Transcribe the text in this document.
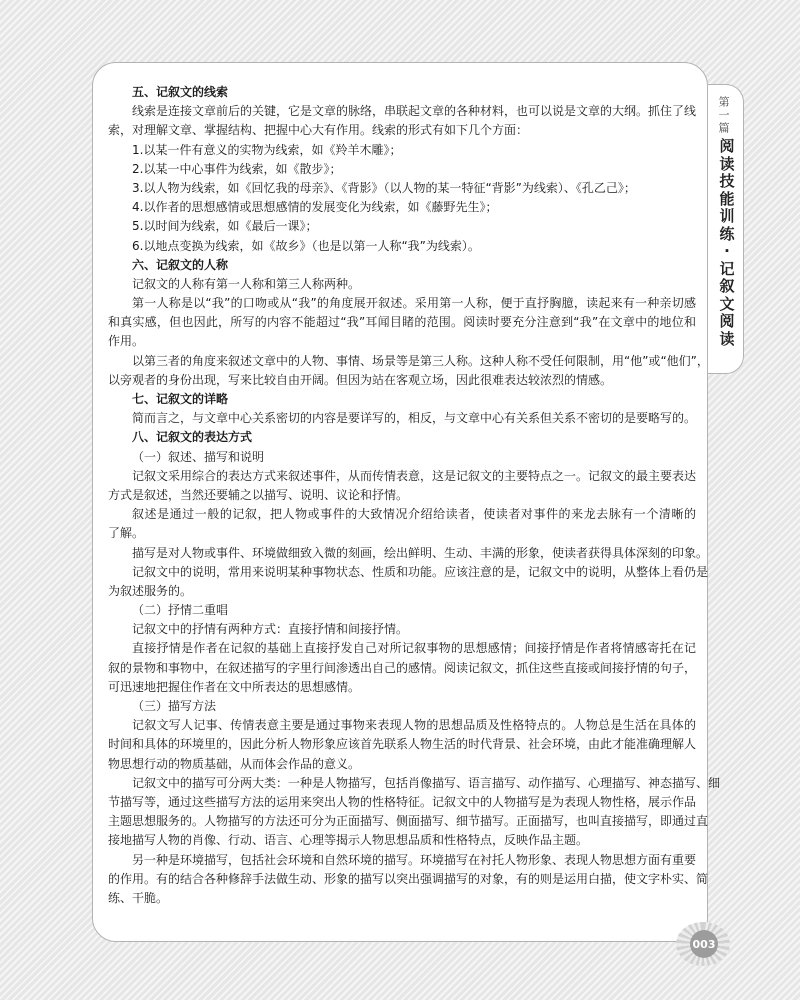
第一篇
阅读技能训练·记叙文阅读
五、记叙文的线索
线索是连接文章前后的关键，它是文章的脉络，串联起文章的各种材料，也可以说是文章的大纲。抓住了线
索，对理解文章、掌握结构、把握中心大有作用。线索的形式有如下几个方面：
1.以某一件有意义的实物为线索，如《羚羊木雕》；
2.以某一中心事件为线索，如《散步》；
3.以人物为线索，如《回忆我的母亲》、《背影》（以人物的某一特征“背影”为线索）、《孔乙己》；
4.以作者的思想感情或思想感情的发展变化为线索，如《藤野先生》；
5.以时间为线索，如《最后一课》；
6.以地点变换为线索，如《故乡》（也是以第一人称“我”为线索）。
六、记叙文的人称
记叙文的人称有第一人称和第三人称两种。
第一人称是以“我”的口吻或从“我”的角度展开叙述。采用第一人称，便于直抒胸臆，读起来有一种亲切感
和真实感，但也因此，所写的内容不能超过“我”耳闻目睹的范围。阅读时要充分注意到“我”在文章中的地位和
作用。
以第三者的角度来叙述文章中的人物、事情、场景等是第三人称。这种人称不受任何限制，用“他”或“他们”，
以旁观者的身份出现，写来比较自由开阔。但因为站在客观立场，因此很难表达较浓烈的情感。
七、记叙文的详略
简而言之，与文章中心关系密切的内容是要详写的，相反，与文章中心有关系但关系不密切的是要略写的。
八、记叙文的表达方式
（一）叙述、描写和说明
记叙文采用综合的表达方式来叙述事件，从而传情表意，这是记叙文的主要特点之一。记叙文的最主要表达
方式是叙述，当然还要辅之以描写、说明、议论和抒情。
叙述是通过一般的记叙，把人物或事件的大致情况介绍给读者，使读者对事件的来龙去脉有一个清晰的
了解。
描写是对人物或事件、环境做细致入微的刻画，绘出鲜明、生动、丰满的形象，使读者获得具体深刻的印象。
记叙文中的说明，常用来说明某种事物状态、性质和功能。应该注意的是，记叙文中的说明，从整体上看仍是
为叙述服务的。
（二）抒情二重唱
记叙文中的抒情有两种方式：直接抒情和间接抒情。
直接抒情是作者在记叙的基础上直接抒发自己对所记叙事物的思想感情；间接抒情是作者将情感寄托在记
叙的景物和事物中，在叙述描写的字里行间渗透出自己的感情。阅读记叙文，抓住这些直接或间接抒情的句子，
可迅速地把握住作者在文中所表达的思想感情。
（三）描写方法
记叙文写人记事、传情表意主要是通过事物来表现人物的思想品质及性格特点的。人物总是生活在具体的
时间和具体的环境里的，因此分析人物形象应该首先联系人物生活的时代背景、社会环境，由此才能准确理解人
物思想行动的物质基础，从而体会作品的意义。
记叙文中的描写可分两大类：一种是人物描写，包括肖像描写、语言描写、动作描写、心理描写、神态描写、细
节描写等，通过这些描写方法的运用来突出人物的性格特征。记叙文中的人物描写是为表现人物性格，展示作品
主题思想服务的。人物描写的方法还可分为正面描写、侧面描写、细节描写。正面描写，也叫直接描写，即通过直
接地描写人物的肖像、行动、语言、心理等揭示人物思想品质和性格特点，反映作品主题。
另一种是环境描写，包括社会环境和自然环境的描写。环境描写在衬托人物形象、表现人物思想方面有重要
的作用。有的结合各种修辞手法做生动、形象的描写以突出强调描写的对象，有的则是运用白描，使文字朴实、简
练、干脆。
003
